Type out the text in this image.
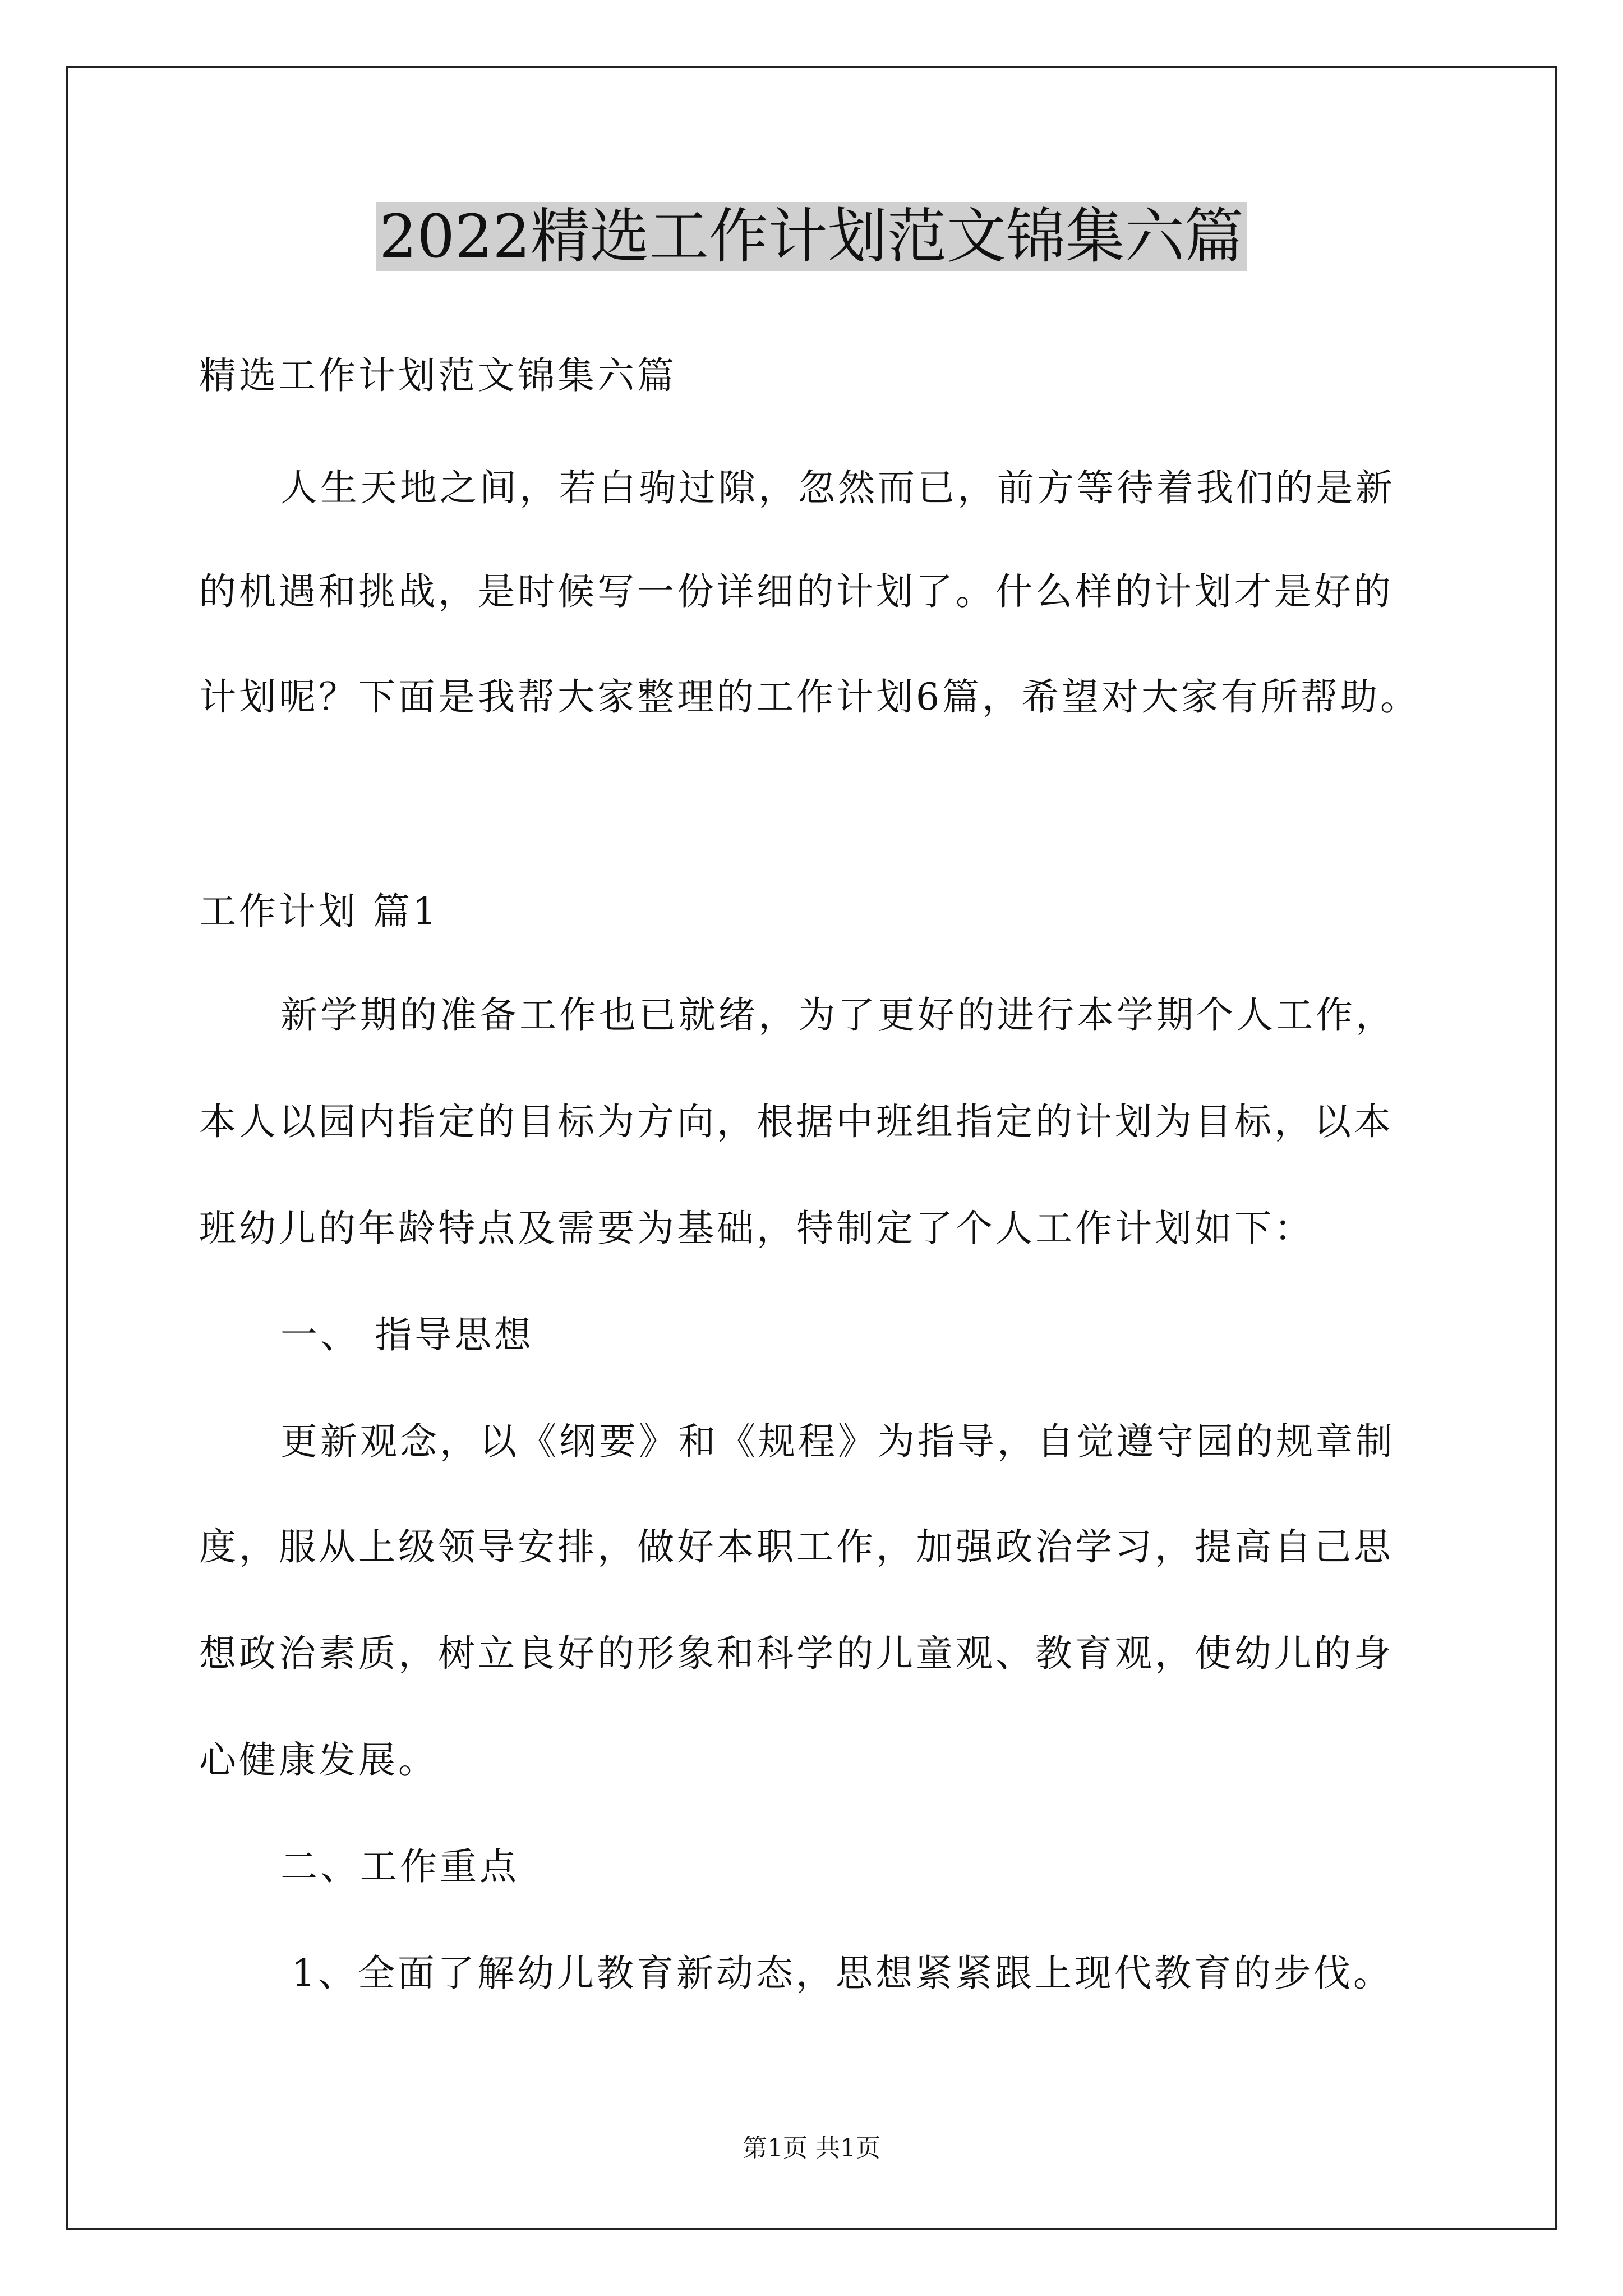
2022精选工作计划范文锦集六篇
精选工作计划范文锦集六篇
人生天地之间，若白驹过隙，忽然而已，前方等待着我们的是新
的机遇和挑战，是时候写一份详细的计划了。什么样的计划才是好的
计划呢？下面是我帮大家整理的工作计划6篇，希望对大家有所帮助。
工作计划 篇1
新学期的准备工作也已就绪，为了更好的进行本学期个人工作，
本人以园内指定的目标为方向，根据中班组指定的计划为目标，以本
班幼儿的年龄特点及需要为基础，特制定了个人工作计划如下：
一、 指导思想
更新观念，以《纲要》和《规程》为指导，自觉遵守园的规章制
度，服从上级领导安排，做好本职工作，加强政治学习，提高自己思
想政治素质，树立良好的形象和科学的儿童观、教育观，使幼儿的身
心健康发展。
二、工作重点
1、全面了解幼儿教育新动态，思想紧紧跟上现代教育的步伐。
第1页 共1页
